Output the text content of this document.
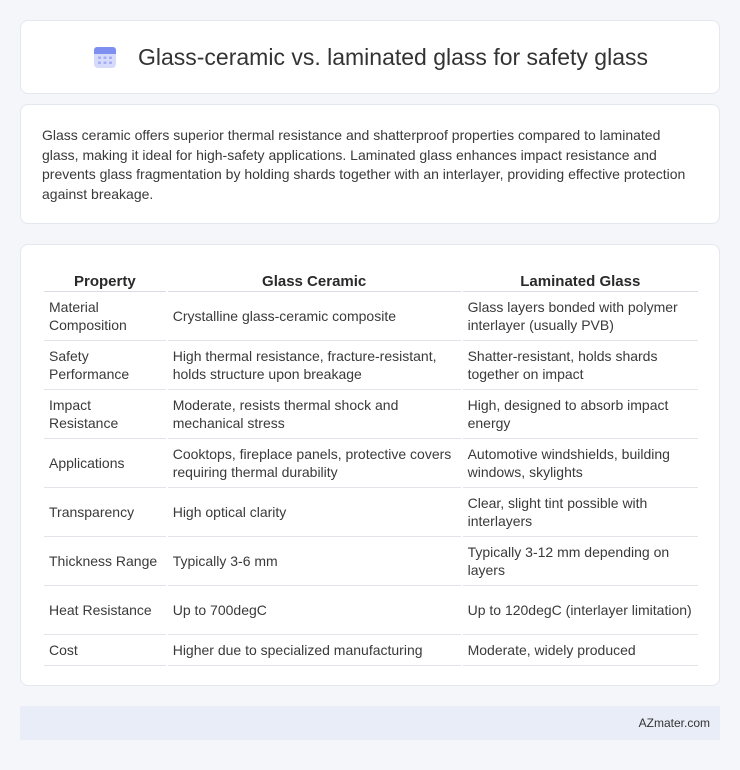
Glass-ceramic vs. laminated glass for safety glass

Glass ceramic offers superior thermal resistance and shatterproof properties compared to laminated glass, making it ideal for high-safety applications. Laminated glass enhances impact resistance and prevents glass fragmentation by holding shards together with an interlayer, providing effective protection against breakage.

Property	Glass Ceramic	Laminated Glass
Material Composition	Crystalline glass-ceramic composite	Glass layers bonded with polymer interlayer (usually PVB)
Safety Performance	High thermal resistance, fracture-resistant, holds structure upon breakage	Shatter-resistant, holds shards together on impact
Impact Resistance	Moderate, resists thermal shock and mechanical stress	High, designed to absorb impact energy
Applications	Cooktops, fireplace panels, protective covers requiring thermal durability	Automotive windshields, building windows, skylights
Transparency	High optical clarity	Clear, slight tint possible with interlayers
Thickness Range	Typically 3-6 mm	Typically 3-12 mm depending on layers
Heat Resistance	Up to 700degC	Up to 120degC (interlayer limitation)
Cost	Higher due to specialized manufacturing	Moderate, widely produced
AZmater.com
